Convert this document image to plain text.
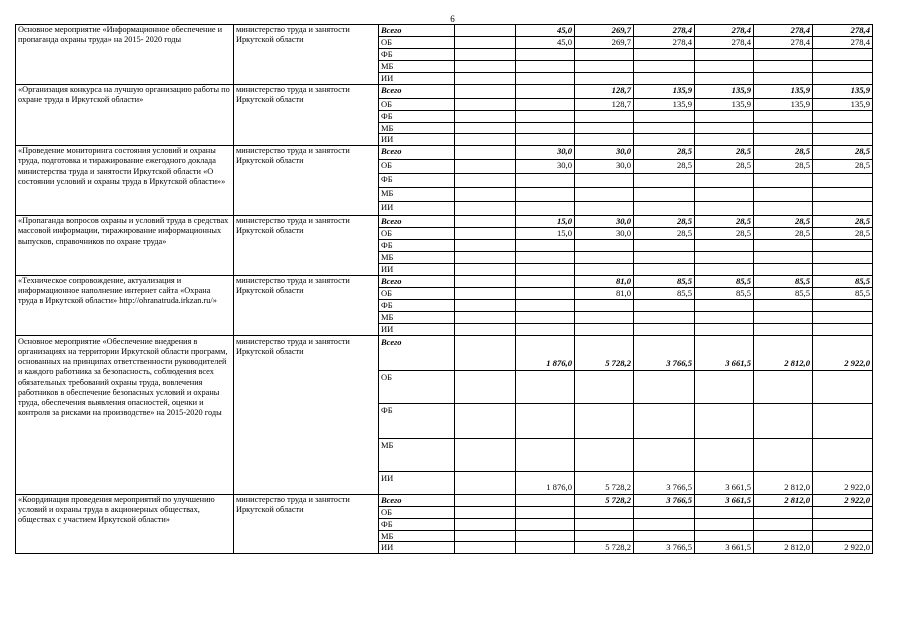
6
Основное мероприятие «Информационное обеспечение и пропаганда охраны труда» на 2015- 2020 годы	министерство труда и занятости Иркутской области	Всего		45,0	269,7	278,4	278,4	278,4	278,4
		ОБ		45,0	269,7	278,4	278,4	278,4	278,4
		ФБ							
		МБ							
		ИИ							
«Организация конкурса на лучшую организацию работы по охране труда в Иркутской области»	министерство труда и занятости Иркутской области	Всего			128,7	135,9	135,9	135,9	135,9
		ОБ			128,7	135,9	135,9	135,9	135,9
		ФБ							
		МБ							
		ИИ							
«Проведение мониторинга состояния условий и охраны труда, подготовка и тиражирование ежегодного доклада министерства труда и занятости Иркутской области «О состоянии условий и охраны труда в Иркутской области»»	министерство труда и занятости Иркутской области	Всего		30,0	30,0	28,5	28,5	28,5	28,5
		ОБ		30,0	30,0	28,5	28,5	28,5	28,5
		ФБ							
		МБ							
		ИИ							
«Пропаганда вопросов охраны и условий труда в средствах массовой информации, тиражирование информационных выпусков, справочников по охране труда»	министерство труда и занятости Иркутской области	Всего		15,0	30,0	28,5	28,5	28,5	28,5
		ОБ		15,0	30,0	28,5	28,5	28,5	28,5
		ФБ							
		МБ							
		ИИ							
«Техническое сопровождение, актуализация и информационное наполнение интернет сайта «Охрана труда в Иркутской области» http://ohranatruda.irkzan.ru/»	министерство труда и занятости Иркутской области	Всего			81,0	85,5	85,5	85,5	85,5
		ОБ			81,0	85,5	85,5	85,5	85,5
		ФБ							
		МБ							
		ИИ							
Основное мероприятие «Обеспечение внедрения в организациях на территории Иркутской области программ, основанных на принципах ответственности руководителей и каждого работника за безопасность, соблюдения всех обязательных требований охраны труда, вовлечения работников в обеспечение безопасных условий и охраны труда, обеспечения выявления опасностей, оценки и контроля за рисками на производстве» на 2015-2020 годы	министерство труда и занятости Иркутской области	Всего		1 876,0	5 728,2	3 766,5	3 661,5	2 812,0	2 922,0
		ОБ							
		ФБ							
		МБ							
		ИИ		1 876,0	5 728,2	3 766,5	3 661,5	2 812,0	2 922,0
«Координация проведения мероприятий по улучшению условий и охраны труда в акционерных обществах, обществах с участием Иркутской области»	министерство труда и занятости Иркутской области	Всего			5 728,2	3 766,5	3 661,5	2 812,0	2 922,0
		ОБ							
		ФБ							
		МБ							
		ИИ			5 728,2	3 766,5	3 661,5	2 812,0	2 922,0
